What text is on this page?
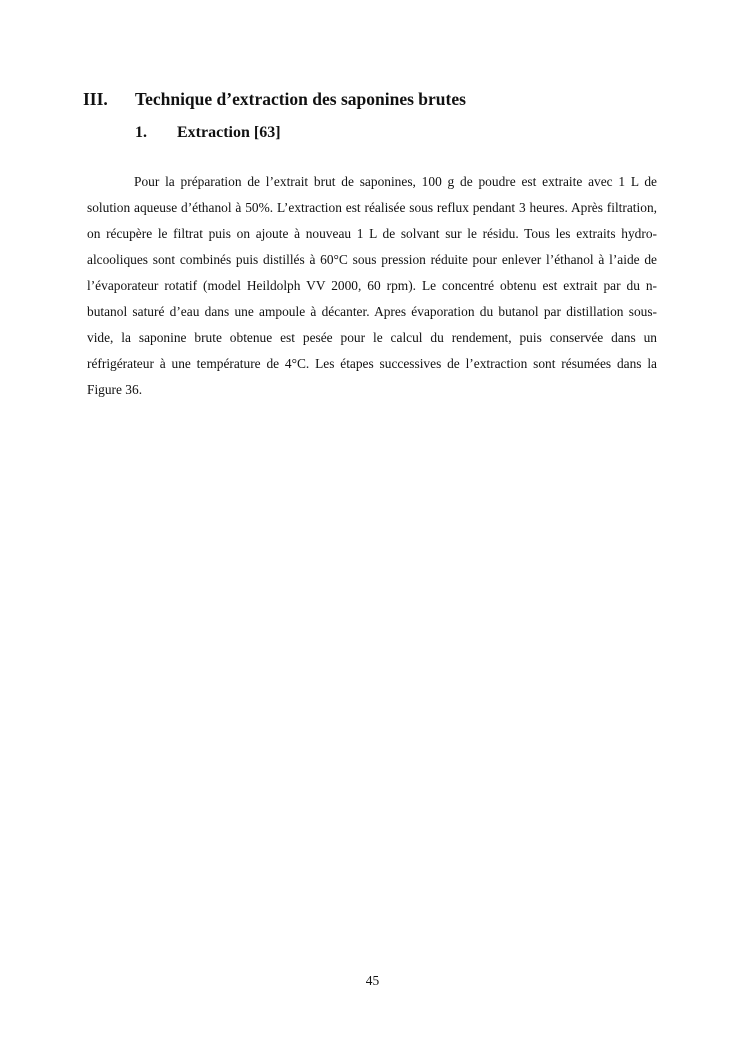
III. Technique d’extraction des saponines brutes
1. Extraction [63]

Pour la préparation de l’extrait brut de saponines, 100 g de poudre est extraite avec 1 L de solution aqueuse d’éthanol à 50%. L’extraction est réalisée sous reflux pendant 3 heures. Après filtration, on récupère le filtrat puis on ajoute à nouveau 1 L de solvant sur le résidu. Tous les extraits hydro-alcooliques sont combinés puis distillés à 60°C sous pression réduite pour enlever l’éthanol à l’aide de l’évaporateur rotatif (model Heildolph VV 2000, 60 rpm). Le concentré obtenu est extrait par du n-butanol saturé d’eau dans une ampoule à décanter. Apres évaporation du butanol par distillation sous- vide, la saponine brute obtenue est pesée pour le calcul du rendement, puis conservée dans un réfrigérateur à une température de 4°C. Les étapes successives de l’extraction sont résumées dans la Figure 36.

45
